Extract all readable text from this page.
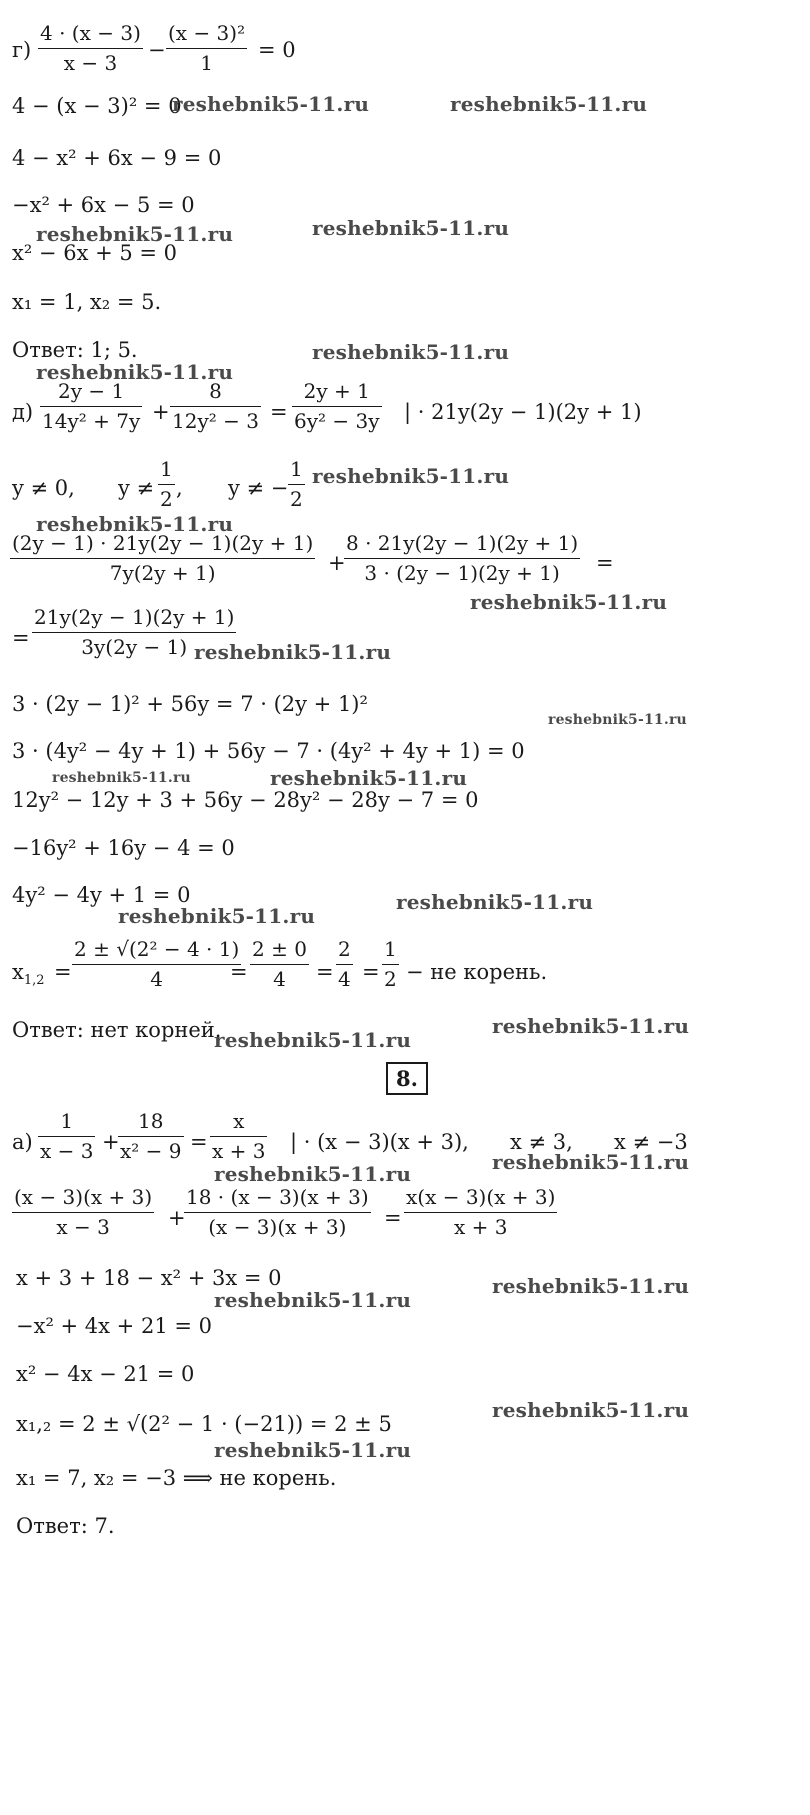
г)
4 · (x − 3)
x − 3
−
(x − 3)²
1
= 0
4 − (x − 3)² = 0
4 − x² + 6x − 9 = 0
−x² + 6x − 5 = 0
x² − 6x + 5 = 0
x₁ = 1, x₂ = 5.
Ответ: 1; 5.
д)
2y − 1
14y² + 7y +
8
12y² − 3 =
2y + 1
6y² − 3y | · 21y(2y − 1)(2y + 1)
y ≠ 0, y ≠
1
2 , y ≠ −
1
2
(2y − 1) · 21y(2y − 1)(2y + 1)
7y(2y + 1)	+
8 · 21y(2y − 1)(2y + 1)
3 · (2y − 1)(2y + 1)	=
=
21y(2y − 1)(2y + 1)
3y(2y − 1)
3 · (2y − 1)² + 56y = 7 · (2y + 1)²
3 · (4y² − 4y + 1) + 56y − 7 · (4y² + 4y + 1) = 0
12y² − 12y + 3 + 56y − 28y² − 28y − 7 = 0
−16y² + 16y − 4 = 0
4y² − 4y + 1 = 0
$x_{1,2}$ =
2 ± √(2² − 4 · 1)
4	=
2 ± 0
4	=
2
4 =
1
2 − не корень.
Ответ: нет корней.
8.
а)
1
x − 3 +
18
x² − 9 =
x
x + 3 | · (x − 3)(x + 3), x ≠ 3, x ≠ −3
(x − 3)(x + 3)
x − 3	+
18 · (x − 3)(x + 3)
(x − 3)(x + 3)	=
x(x − 3)(x + 3)
x + 3
x + 3 + 18 − x² + 3x = 0
−x² + 4x + 21 = 0
x² − 4x − 21 = 0
x₁,₂ = 2 ± √(2² − 1 · (−21)) = 2 ± 5
x₁ = 7, x₂ = −3 ⟹ не корень.
Ответ: 7.
reshebnik5-11.ru	reshebnik5-11.ru
reshebnik5-11.ru	reshebnik5-11.ru
reshebnik5-11.ru
reshebnik5-11.ru
reshebnik5-11.ru
reshebnik5-11.ru
reshebnik5-11.ru
reshebnik5-11.ru
reshebnik5-11.ru
reshebnik5-11.ru	reshebnik5-11.ru
reshebnik5-11.ru
reshebnik5-11.ru
reshebnik5-11.ru
reshebnik5-11.ru
reshebnik5-11.ru	reshebnik5-11.ru
reshebnik5-11.ru
reshebnik5-11.ru
reshebnik5-11.ru
reshebnik5-11.ru
